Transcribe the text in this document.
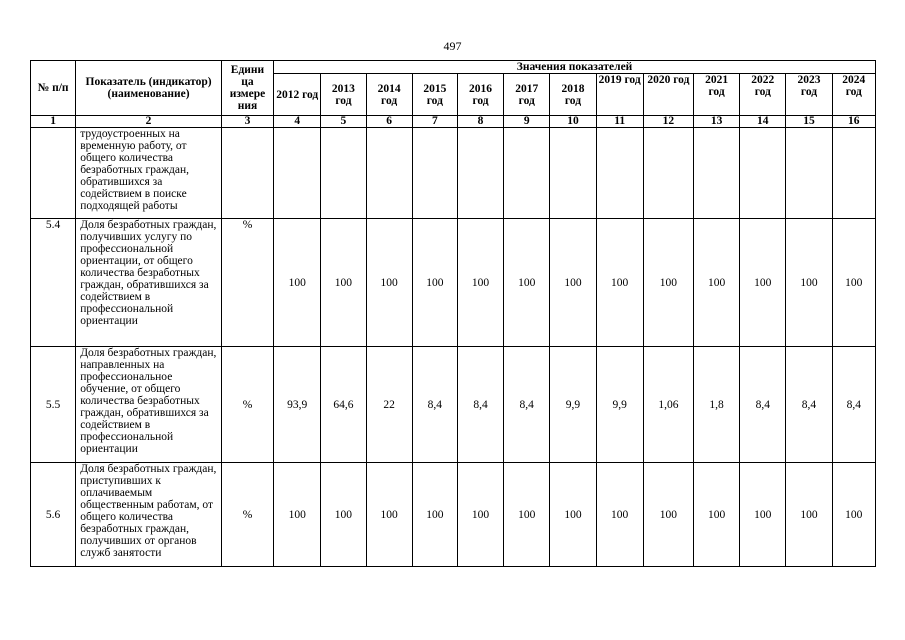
497
№ п/п	Показатель (индикатор) (наименование)	Едини ца измере ния	Значения показателей												
			2012 год	2013 год	2014 год	2015 год	2016 год	2017 год	2018 год	2019 год	2020 год	2021 год	2022 год	2023 год	2024 год
1	2	3	4	5	6	7	8	9	10	11	12	13	14	15	16
	трудоустроенных на временную работу, от общего количества безработных граждан, обратившихся за содействием в поиске подходящей работы														
5.4	Доля безработных граждан, получивших услугу по профессиональной ориентации, от общего количества безработных граждан, обратившихся за содействием в профессиональной ориентации	%	100	100	100	100	100	100	100	100	100	100	100	100	100
5.5	Доля безработных граждан, направленных на профессиональное обучение, от общего количества безработных граждан, обратившихся за содействием в профессиональной ориентации	%	93,9	64,6	22	8,4	8,4	8,4	9,9	9,9	1,06	1,8	8,4	8,4	8,4
5.6	Доля безработных граждан, приступивших к оплачиваемым общественным работам, от общего количества безработных граждан, получивших от органов служб занятости	%	100	100	100	100	100	100	100	100	100	100	100	100	100
